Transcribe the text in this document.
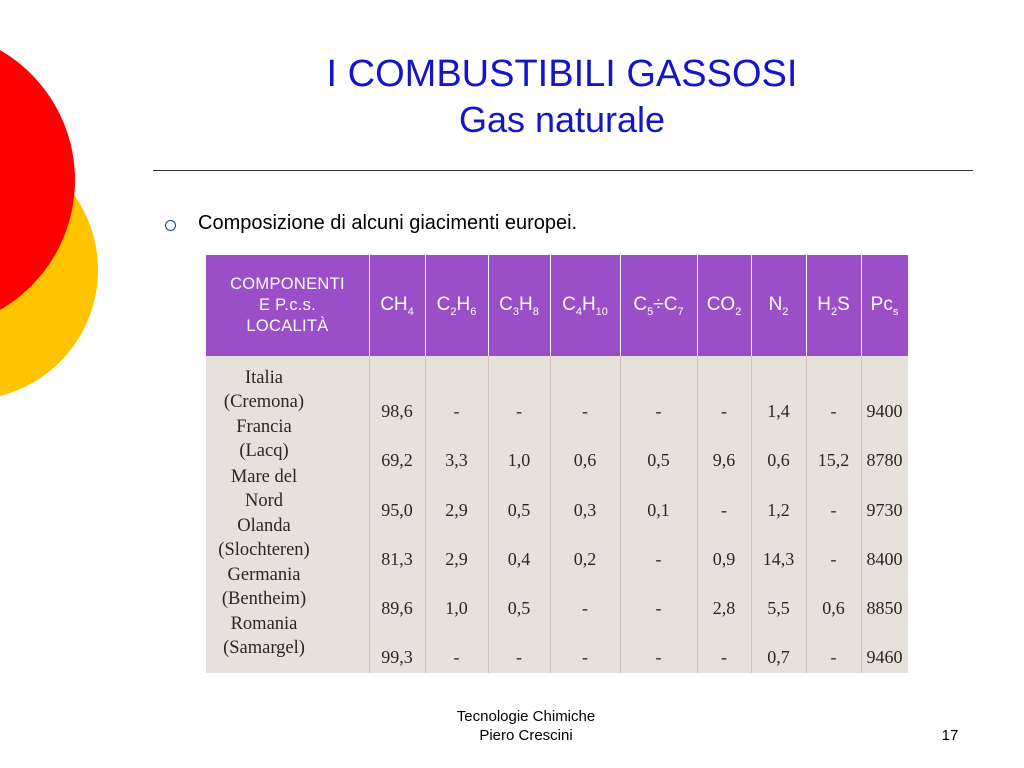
I COMBUSTIBILI GASSOSI
Gas naturale
Composizione di alcuni giacimenti europei.
COMPONENTI
E P.c.s.
LOCALITÀ
$CH_4$ $C_2H_6$ $C_3H_8$ $C_4H_{10}$ $C_5\div C_7$ $CO_2$ $N_2$ $H_2S$ $Pc_s$
Italia
(Cremona)	98,6	-	-	-	-	-	1,4	-	9400
Francia
(Lacq)	69,2	3,3	1,0	0,6	0,5	9,6	0,6	15,2 8780
Mare del
Nord	95,0	2,9	0,5	0,3	0,1	-	1,2	-	9730
Olanda
(Slochteren)	81,3	2,9	0,4	0,2	-	0,9	14,3	-	8400
Germania
(Bentheim)	89,6	1,0	0,5	-	-	2,8	5,5	0,6	8850
Romania
(Samargel)	99,3	-	-	-	-	-	0,7	-	9460
Tecnologie Chimiche
Piero Crescini	17
